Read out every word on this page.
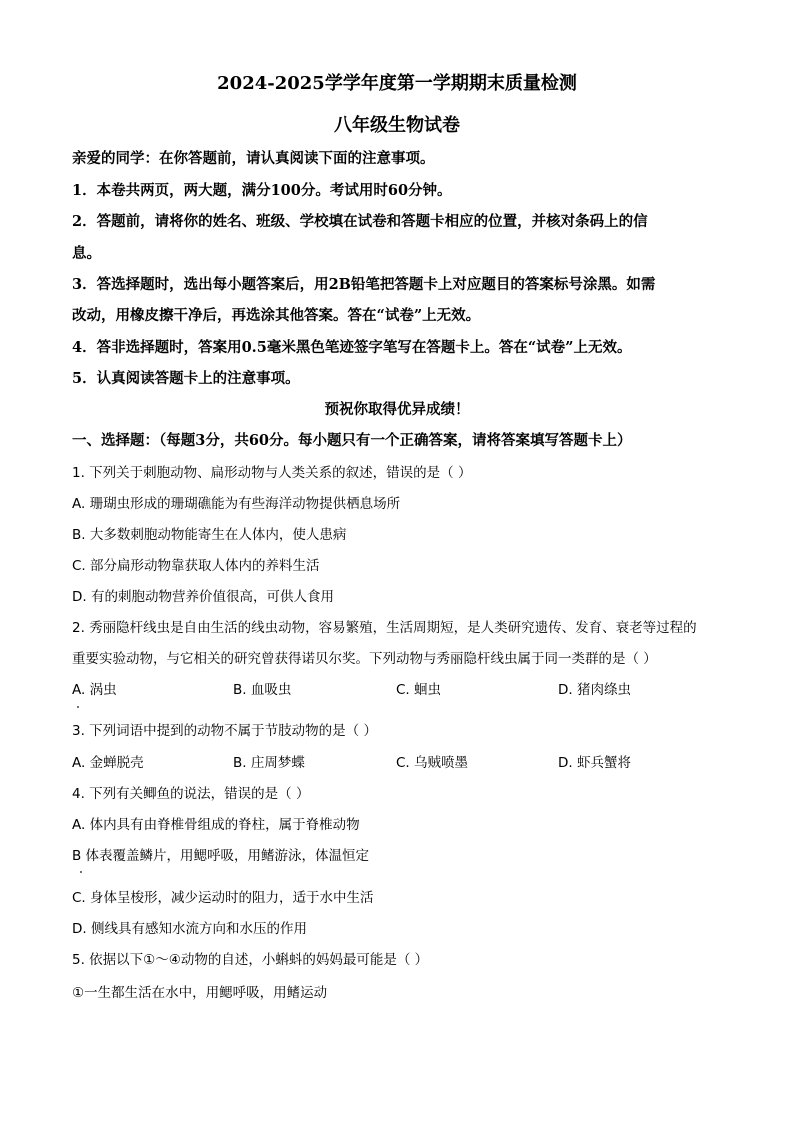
2024-2025学学年度第一学期期末质量检测
八年级生物试卷
亲爱的同学：在你答题前，请认真阅读下面的注意事项。
1．本卷共两页，两大题，满分100分。考试用时60分钟。
2．答题前，请将你的姓名、班级、学校填在试卷和答题卡相应的位置，并核对条码上的信
息。
3．答选择题时，选出每小题答案后，用2B铅笔把答题卡上对应题目的答案标号涂黑。如需
改动，用橡皮擦干净后，再选涂其他答案。答在“试卷”上无效。
4．答非选择题时，答案用0.5毫米黑色笔迹签字笔写在答题卡上。答在“试卷”上无效。
5．认真阅读答题卡上的注意事项。
预祝你取得优异成绩！
一、选择题：（每题3分，共60分。每小题只有一个正确答案，请将答案填写答题卡上）
1. 下列关于刺胞动物、扁形动物与人类关系的叙述，错误的是（ ）
A. 珊瑚虫形成的珊瑚礁能为有些海洋动物提供栖息场所
B. 大多数刺胞动物能寄生在人体内，使人患病
C. 部分扁形动物靠获取人体内的养料生活
D. 有的刺胞动物营养价值很高，可供人食用
2. 秀丽隐杆线虫是自由生活的线虫动物，容易繁殖，生活周期短，是人类研究遗传、发育、衰老等过程的
重要实验动物，与它相关的研究曾获得诺贝尔奖。下列动物与秀丽隐杆线虫属于同一类群的是（ ）
A. 涡虫	B. 血吸虫	C. 蛔虫	D. 猪肉绦虫
3. 下列词语中提到的动物不属于节肢动物的是（ ）
A. 金蝉脱壳	B. 庄周梦蝶	C. 乌贼喷墨	D. 虾兵蟹将
4. 下列有关鲫鱼的说法，错误的是（ ）
A. 体内具有由脊椎骨组成的脊柱，属于脊椎动物
B 体表覆盖鳞片，用鳃呼吸，用鳍游泳，体温恒定
C. 身体呈梭形，减少运动时的阻力，适于水中生活
D. 侧线具有感知水流方向和水压的作用
5. 依据以下①～④动物的自述，小蝌蚪的妈妈最可能是（ ）
①一生都生活在水中，用鳃呼吸，用鳍运动
